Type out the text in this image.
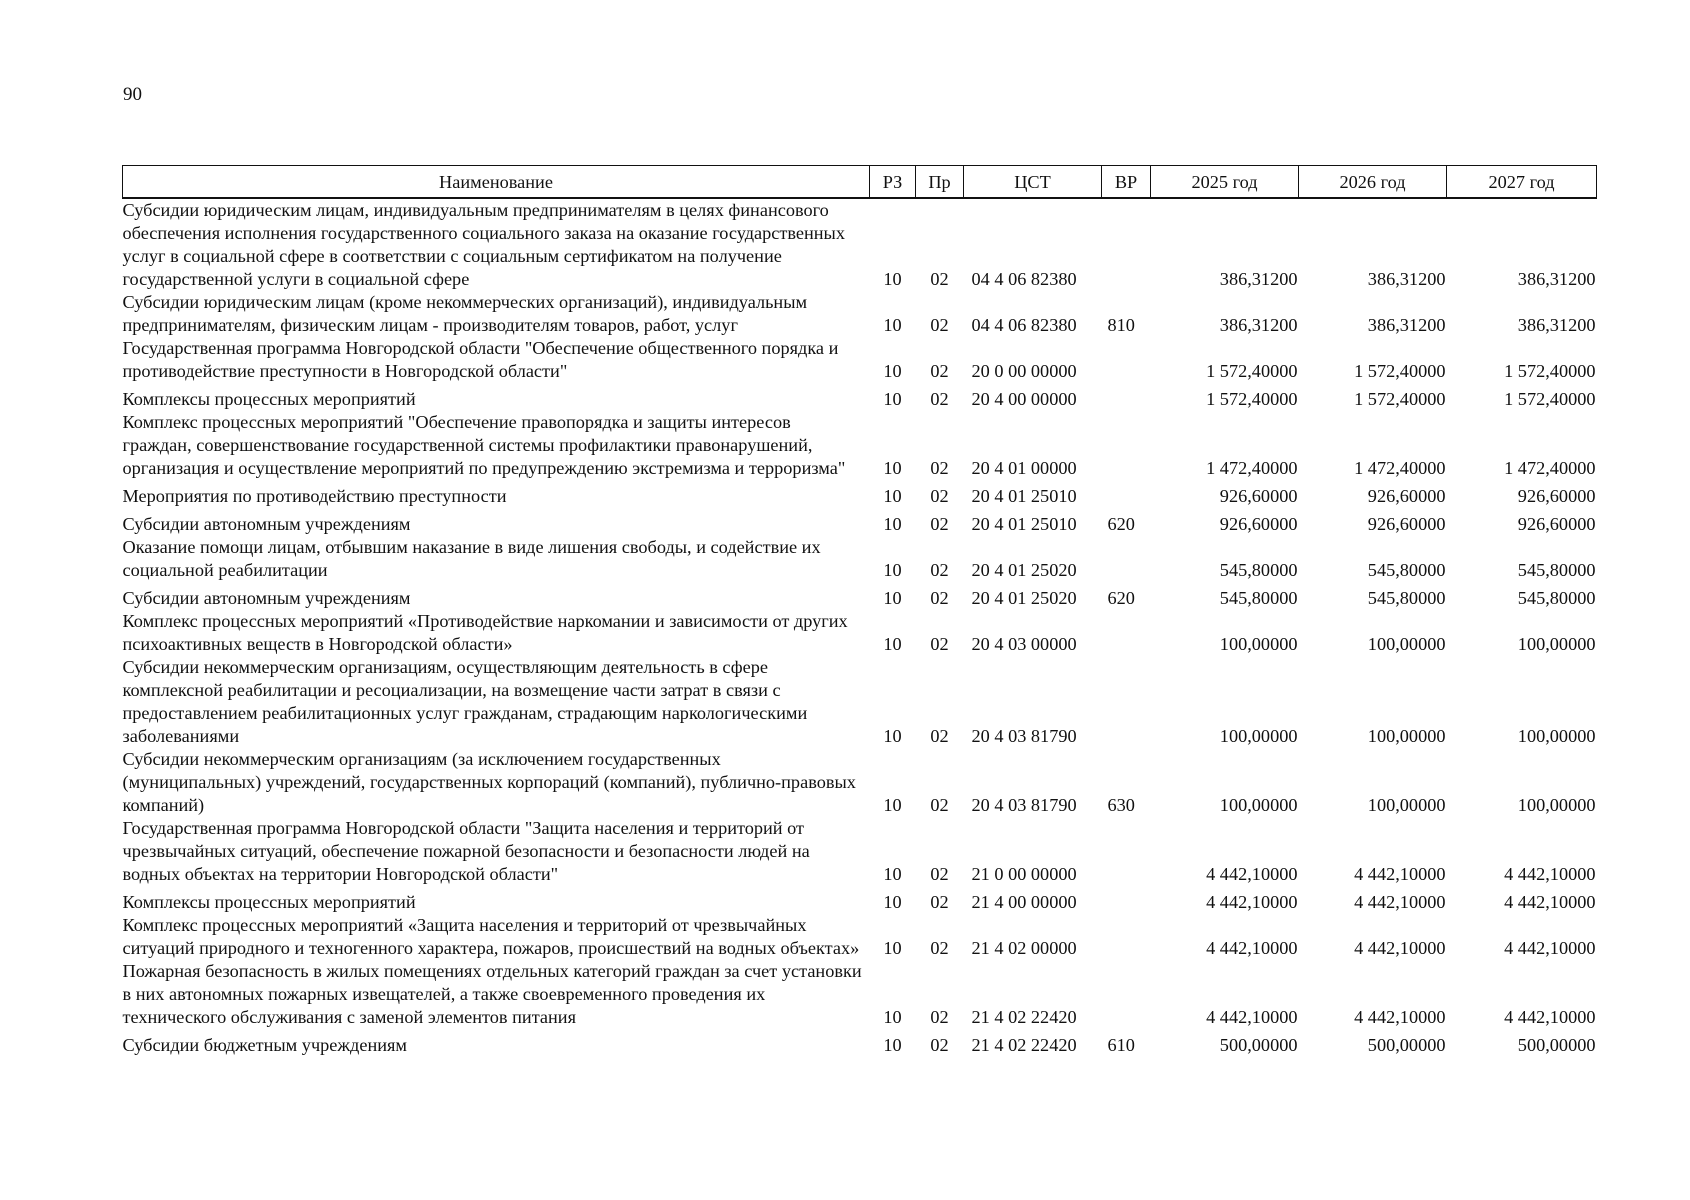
90
Наименование	РЗ	Пр	ЦСТ	ВР	2025 год	2026 год	2027 год
Субсидии юридическим лицам, индивидуальным предпринимателям в целях финансового обеспечения исполнения государственного социального заказа на оказание государственных услуг в социальной сфере в соответствии с социальным сертификатом на получение государственной услуги в социальной сфере	10	02	04 4 06 82380		386,31200	386,31200	386,31200
Субсидии юридическим лицам (кроме некоммерческих организаций), индивидуальным предпринимателям, физическим лицам - производителям товаров, работ, услуг	10	02	04 4 06 82380	810	386,31200	386,31200	386,31200
Государственная программа Новгородской области "Обеспечение общественного порядка и противодействие преступности в Новгородской области"	10	02	20 0 00 00000		1 572,40000	1 572,40000	1 572,40000
Комплексы процессных мероприятий	10	02	20 4 00 00000		1 572,40000	1 572,40000	1 572,40000
Комплекс процессных мероприятий "Обеспечение правопорядка и защиты интересов граждан, совершенствование государственной системы профилактики правонарушений, организация и осуществление мероприятий по предупреждению экстремизма и терроризма"	10	02	20 4 01 00000		1 472,40000	1 472,40000	1 472,40000
Мероприятия по противодействию преступности	10	02	20 4 01 25010		926,60000	926,60000	926,60000
Субсидии автономным учреждениям	10	02	20 4 01 25010	620	926,60000	926,60000	926,60000
Оказание помощи лицам, отбывшим наказание в виде лишения свободы, и содействие их социальной реабилитации	10	02	20 4 01 25020		545,80000	545,80000	545,80000
Субсидии автономным учреждениям	10	02	20 4 01 25020	620	545,80000	545,80000	545,80000
Комплекс процессных мероприятий «Противодействие наркомании и зависимости от других психоактивных веществ в Новгородской области»	10	02	20 4 03 00000		100,00000	100,00000	100,00000
Субсидии некоммерческим организациям, осуществляющим деятельность в сфере комплексной реабилитации и ресоциализации, на возмещение части затрат в связи с предоставлением реабилитационных услуг гражданам, страдающим наркологическими заболеваниями	10	02	20 4 03 81790		100,00000	100,00000	100,00000
Субсидии некоммерческим организациям (за исключением государственных (муниципальных) учреждений, государственных корпораций (компаний), публично-правовых компаний)	10	02	20 4 03 81790	630	100,00000	100,00000	100,00000
Государственная программа Новгородской области "Защита населения и территорий от чрезвычайных ситуаций, обеспечение пожарной безопасности и безопасности людей на водных объектах на территории Новгородской области"	10	02	21 0 00 00000		4 442,10000	4 442,10000	4 442,10000
Комплексы процессных мероприятий	10	02	21 4 00 00000		4 442,10000	4 442,10000	4 442,10000
Комплекс процессных мероприятий «Защита населения и территорий от чрезвычайных ситуаций природного и техногенного характера, пожаров, происшествий на водных объектах»	10	02	21 4 02 00000		4 442,10000	4 442,10000	4 442,10000
Пожарная безопасность в жилых помещениях отдельных категорий граждан за счет установки в них автономных пожарных извещателей, а также своевременного проведения их технического обслуживания с заменой элементов питания	10	02	21 4 02 22420		4 442,10000	4 442,10000	4 442,10000
Субсидии бюджетным учреждениям	10	02	21 4 02 22420	610	500,00000	500,00000	500,00000
